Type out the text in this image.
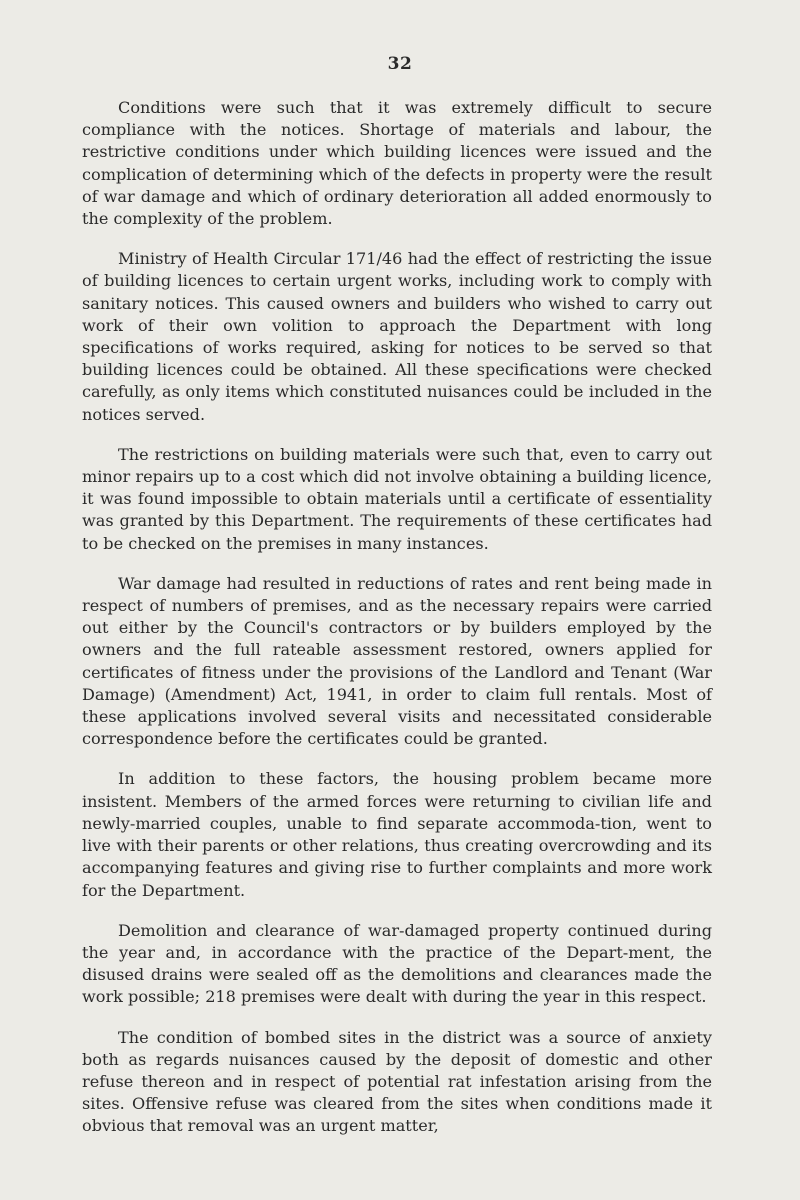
32

Conditions were such that it was extremely difficult to secure compliance with the notices. Shortage of materials and labour, the restrictive conditions under which building licences were issued and the complication of determining which of the defects in property were the result of war damage and which of ordinary deterioration all added enormously to the complexity of the problem.

Ministry of Health Circular 171/46 had the effect of restricting the issue of building licences to certain urgent works, including work to comply with sanitary notices. This caused owners and builders who wished to carry out work of their own volition to approach the Department with long specifications of works required, asking for notices to be served so that building licences could be obtained. All these specifications were checked carefully, as only items which constituted nuisances could be included in the notices served.

The restrictions on building materials were such that, even to carry out minor repairs up to a cost which did not involve obtaining a building licence, it was found impossible to obtain materials until a certificate of essentiality was granted by this Department. The requirements of these certificates had to be checked on the premises in many instances.

War damage had resulted in reductions of rates and rent being made in respect of numbers of premises, and as the necessary repairs were carried out either by the Council's contractors or by builders employed by the owners and the full rateable assessment restored, owners applied for certificates of fitness under the provisions of the Landlord and Tenant (War Damage) (Amendment) Act, 1941, in order to claim full rentals. Most of these applications involved several visits and necessitated considerable correspondence before the certificates could be granted.

In addition to these factors, the housing problem became more insistent. Members of the armed forces were returning to civilian life and newly-married couples, unable to find separate accommoda-tion, went to live with their parents or other relations, thus creating overcrowding and its accompanying features and giving rise to further complaints and more work for the Department.

Demolition and clearance of war-damaged property continued during the year and, in accordance with the practice of the Depart-ment, the disused drains were sealed off as the demolitions and clearances made the work possible; 218 premises were dealt with during the year in this respect.

The condition of bombed sites in the district was a source of anxiety both as regards nuisances caused by the deposit of domestic and other refuse thereon and in respect of potential rat infestation arising from the sites. Offensive refuse was cleared from the sites when conditions made it obvious that removal was an urgent matter,
